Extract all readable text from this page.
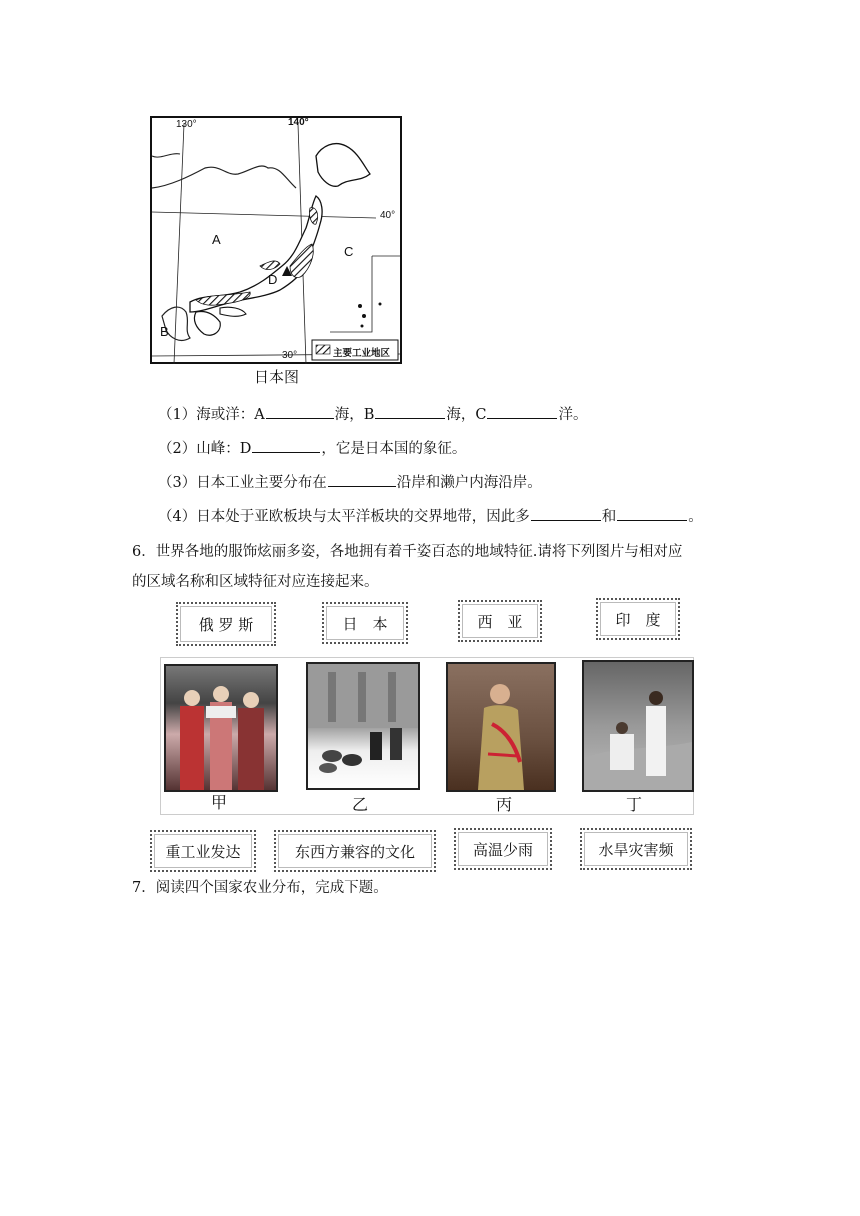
130°	140°
40°
30°
A
B
C
D
主要工业地区
日本图
（1）海或洋：A	海，B	海，C	洋。
（2）山峰：D	，它是日本国的象征。
（3）日本工业主要分布在	沿岸和濑户内海沿岸。
（4）日本处于亚欧板块与太平洋板块的交界地带，因此多	和	。
6．世界各地的服饰炫丽多姿，各地拥有着千姿百态的地域特征.请将下列图片与相对应
的区域名称和区域特征对应连接起来。
俄 罗 斯	日　本	西　亚	印　度
甲	乙	丙	丁
重工业发达	东西方兼容的文化	高温少雨	水旱灾害频
7．阅读四个国家农业分布，完成下题。
